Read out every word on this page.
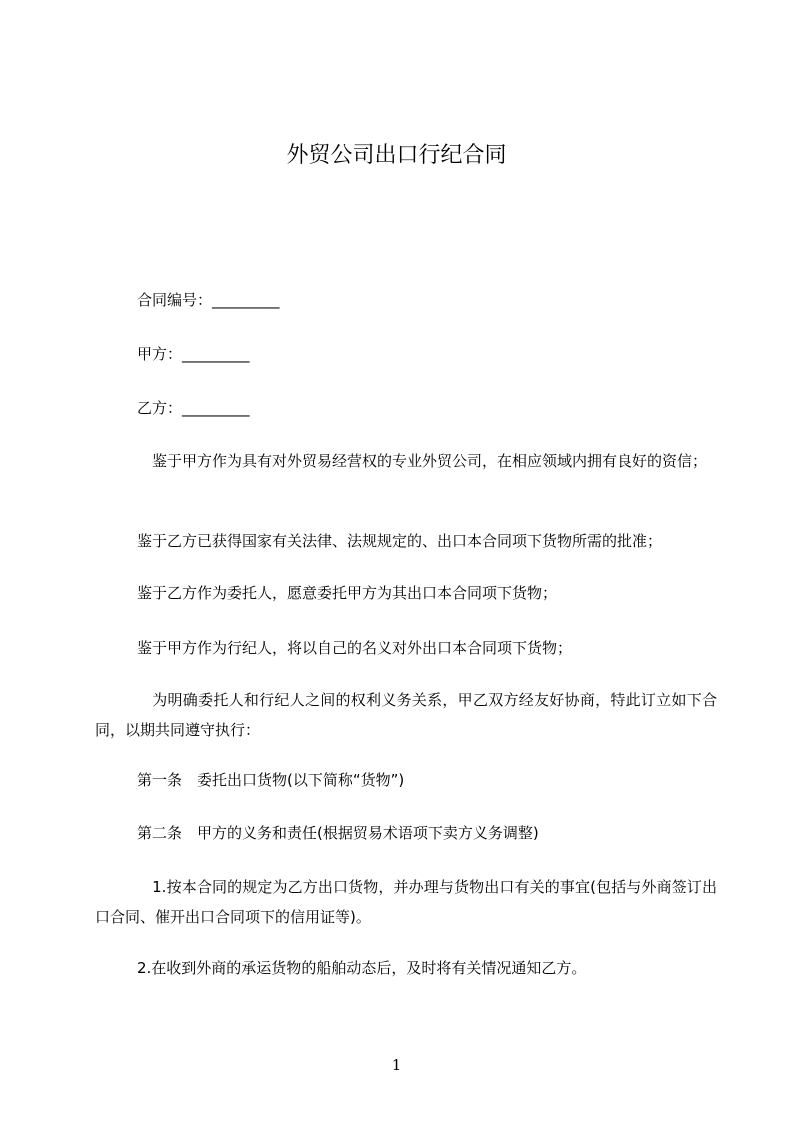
外贸公司出口行纪合同
合同编号：_________
甲方：_________
乙方：_________
　鉴于甲方作为具有对外贸易经营权的专业外贸公司，在相应领域内拥有良好的资信；
鉴于乙方已获得国家有关法律、法规规定的、出口本合同项下货物所需的批准；
鉴于乙方作为委托人，愿意委托甲方为其出口本合同项下货物；
鉴于甲方作为行纪人，将以自己的名义对外出口本合同项下货物；
　为明确委托人和行纪人之间的权利义务关系，甲乙双方经友好协商，特此订立如下合同，以期共同遵守执行：
第一条　委托出口货物(以下简称“货物”)
第二条　甲方的义务和责任(根据贸易术语项下卖方义务调整)
　1.按本合同的规定为乙方出口货物，并办理与货物出口有关的事宜(包括与外商签订出口合同、催开出口合同项下的信用证等)。
2.在收到外商的承运货物的船舶动态后，及时将有关情况通知乙方。
1
